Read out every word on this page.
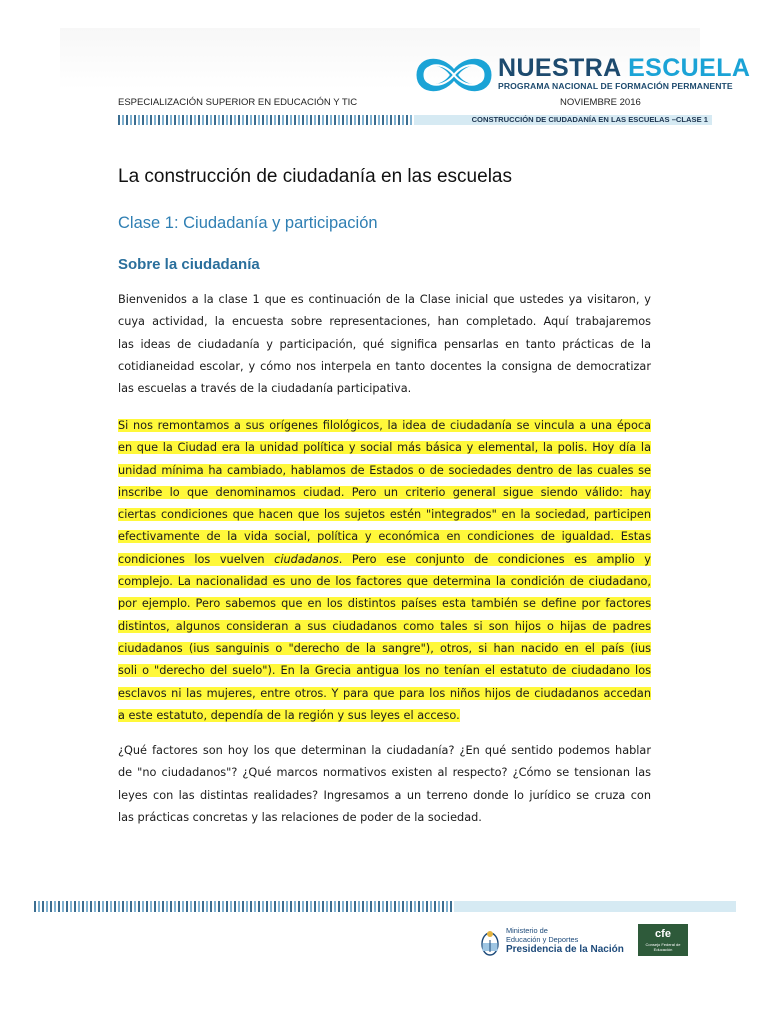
NUESTRA ESCUELA
PROGRAMA NACIONAL DE FORMACIÓN PERMANENTE
ESPECIALIZACIÓN SUPERIOR EN EDUCACIÓN Y TIC	NOVIEMBRE 2016
CONSTRUCCIÓN DE CIUDADANÍA EN LAS ESCUELAS –CLASE 1
La construcción de ciudadanía en las escuelas
Clase 1: Ciudadanía y participación
Sobre la ciudadanía
Bienvenidos a la clase 1 que es continuación de la Clase inicial que ustedes ya visitaron, y
cuya actividad, la encuesta sobre representaciones, han completado. Aquí trabajaremos
las ideas de ciudadanía y participación, qué significa pensarlas en tanto prácticas de la
cotidianeidad escolar, y cómo nos interpela en tanto docentes la consigna de democratizar
las escuelas a través de la ciudadanía participativa.
Si nos remontamos a sus orígenes filológicos, la idea de ciudadanía se vincula a una época
en que la Ciudad era la unidad política y social más básica y elemental, la polis. Hoy día la
unidad mínima ha cambiado, hablamos de Estados o de sociedades dentro de las cuales se
inscribe lo que denominamos ciudad. Pero un criterio general sigue siendo válido: hay
ciertas condiciones que hacen que los sujetos estén "integrados" en la sociedad, participen
efectivamente de la vida social, política y económica en condiciones de igualdad. Estas
condiciones los vuelven ciudadanos. Pero ese conjunto de condiciones es amplio y
complejo. La nacionalidad es uno de los factores que determina la condición de ciudadano,
por ejemplo. Pero sabemos que en los distintos países esta también se define por factores
distintos, algunos consideran a sus ciudadanos como tales si son hijos o hijas de padres
ciudadanos (ius sanguinis o "derecho de la sangre"), otros, si han nacido en el país (ius
soli o "derecho del suelo"). En la Grecia antigua los no tenían el estatuto de ciudadano los
esclavos ni las mujeres, entre otros. Y para que para los niños hijos de ciudadanos accedan
a este estatuto, dependía de la región y sus leyes el acceso.
¿Qué factores son hoy los que determinan la ciudadanía? ¿En qué sentido podemos hablar
de "no ciudadanos"? ¿Qué marcos normativos existen al respecto? ¿Cómo se tensionan las
leyes con las distintas realidades? Ingresamos a un terreno donde lo jurídico se cruza con
las prácticas concretas y las relaciones de poder de la sociedad.
Ministerio de
Educación y Deportes
Presidencia de la Nación
cfe
Consejo Federal de Educación
